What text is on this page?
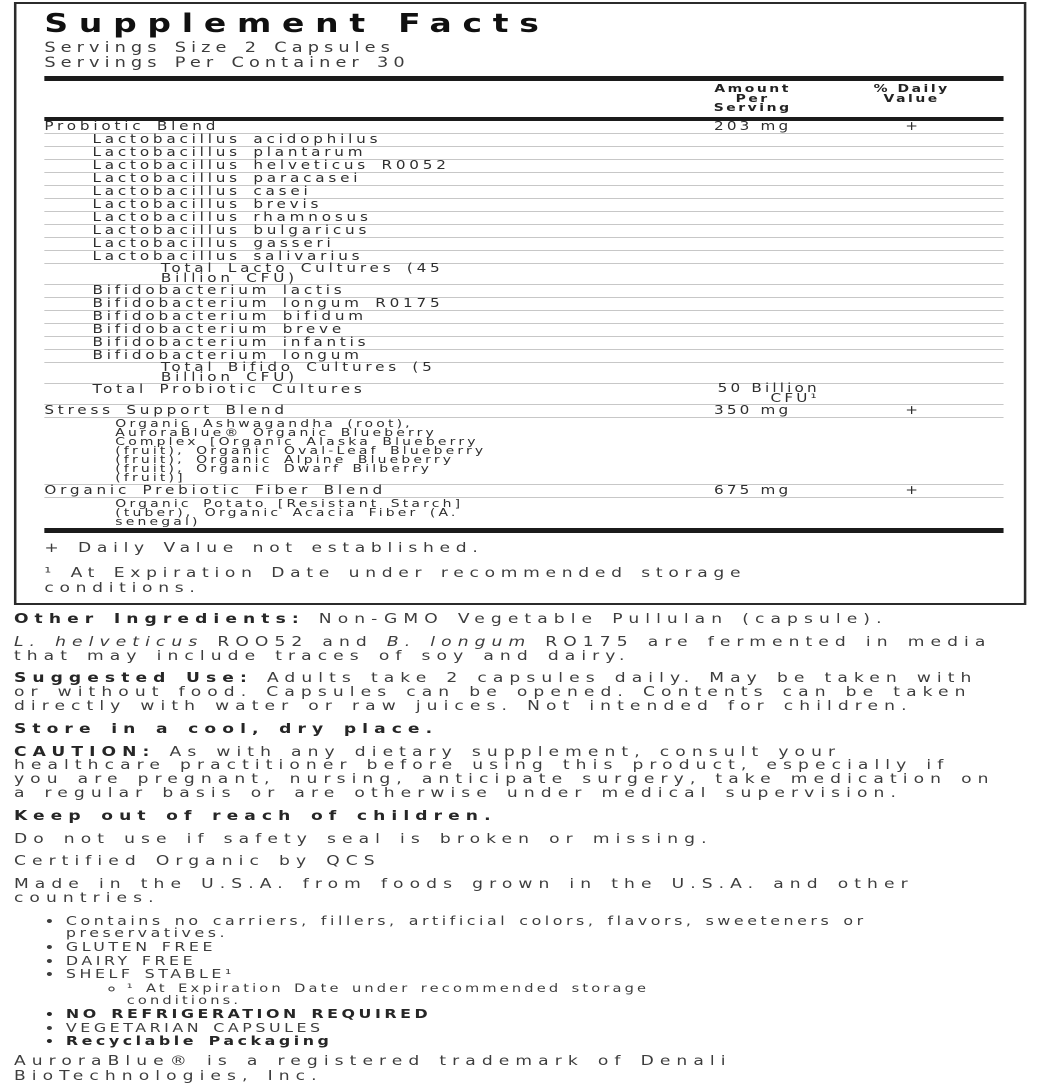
Supplement Facts
Servings Size 2 Capsules
Servings Per Container 30
Amount Per Serving
% Daily Value
Probiotic Blend	203 mg	+
Lactobacillus acidophilus
Lactobacillus plantarum
Lactobacillus helveticus R0052
Lactobacillus paracasei
Lactobacillus casei
Lactobacillus brevis
Lactobacillus rhamnosus
Lactobacillus bulgaricus
Lactobacillus gasseri
Lactobacillus salivarius
Total Lacto Cultures (45 Billion CFU)
Bifidobacterium lactis
Bifidobacterium longum R0175
Bifidobacterium bifidum
Bifidobacterium breve
Bifidobacterium infantis
Bifidobacterium longum
Total Bifido Cultures (5 Billion CFU)
Total Probiotic Cultures	50 Billion CFU¹
Stress Support Blend	350 mg	+
Organic Ashwagandha (root), AuroraBlue® Organic Blueberry Complex [Organic Alaska Blueberry (fruit), Organic Oval-Leaf Blueberry (fruit), Organic Alpine Blueberry (fruit), Organic Dwarf Bilberry (fruit)]
Organic Prebiotic Fiber Blend	675 mg	+
Organic Potato [Resistant Starch] (tuber), Organic Acacia Fiber (A. senegal)
+ Daily Value not established.
¹ At Expiration Date under recommended storage conditions.

Other Ingredients: Non-GMO Vegetable Pullulan (capsule).

L. helveticus ROO52 and B. longum RO175 are fermented in media that may include traces of soy and dairy.

Suggested Use: Adults take 2 capsules daily. May be taken with or without food. Capsules can be opened. Contents can be taken directly with water or raw juices. Not intended for children.

Store in a cool, dry place.

CAUTION: As with any dietary supplement, consult your healthcare practitioner before using this product, especially if you are pregnant, nursing, anticipate surgery, take medication on a regular basis or are otherwise under medical supervision.

Keep out of reach of children.

Do not use if safety seal is broken or missing.

Certified Organic by QCS

Made in the U.S.A. from foods grown in the U.S.A. and other countries.

• Contains no carriers, fillers, artificial colors, flavors, sweeteners or preservatives.
• GLUTEN FREE
• DAIRY FREE
• SHELF STABLE¹
◦ ¹ At Expiration Date under recommended storage conditions.
• NO REFRIGERATION REQUIRED
• VEGETARIAN CAPSULES
• Recyclable Packaging
AuroraBlue® is a registered trademark of Denali BioTechnologies, Inc.
